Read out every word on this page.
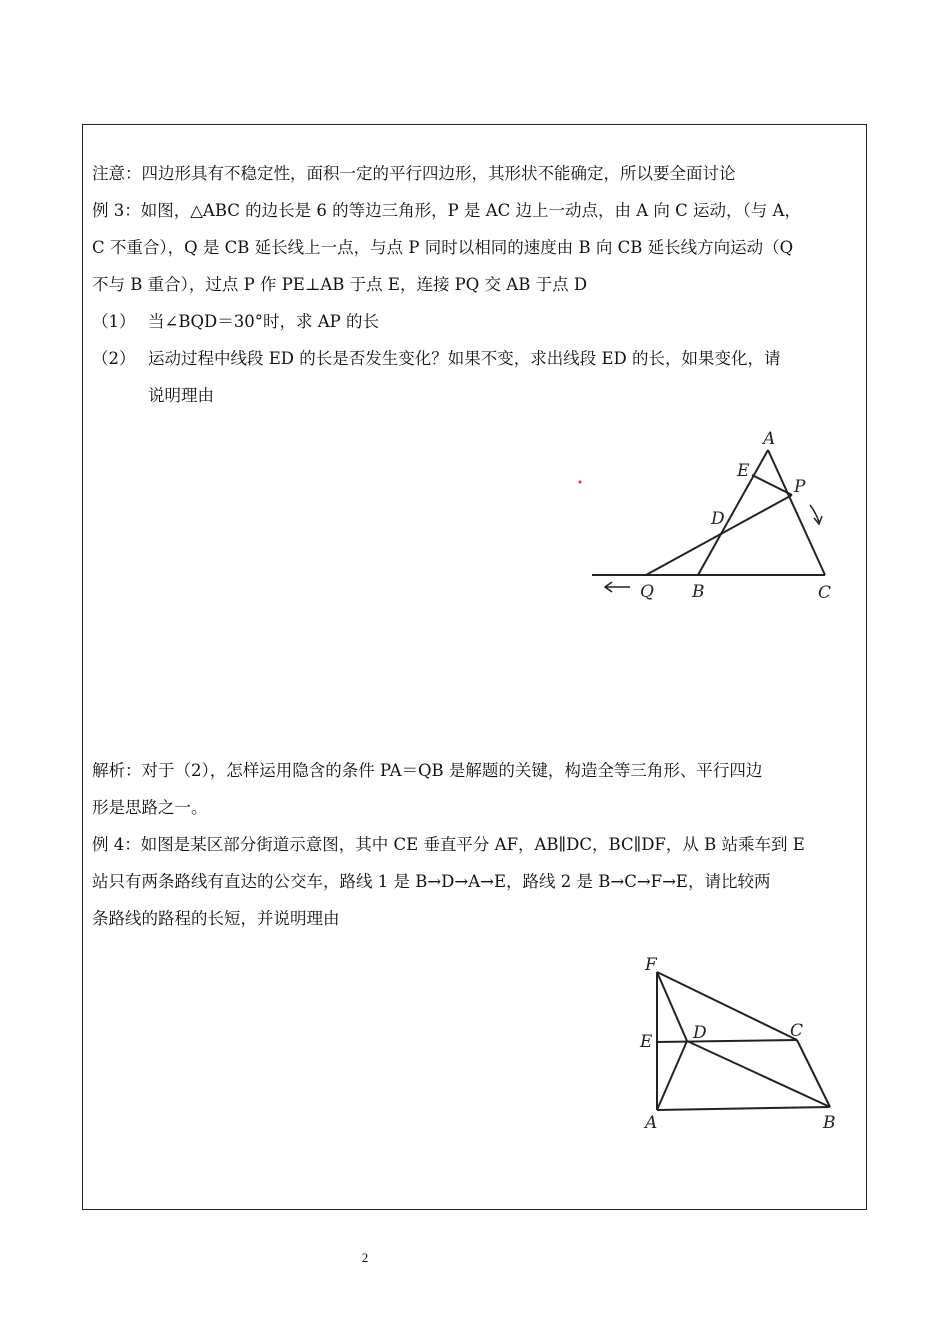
注意：四边形具有不稳定性，面积一定的平行四边形，其形状不能确定，所以要全面讨论
例 3：如图，△ABC 的边长是 6 的等边三角形，P 是 AC 边上一动点，由 A 向 C 运动，（与 A，
C 不重合），Q 是 CB 延长线上一点，与点 P 同时以相同的速度由 B 向 CB 延长线方向运动（Q
不与 B 重合），过点 P 作 PE⊥AB 于点 E，连接 PQ 交 AB 于点 D
（1） 当∠BQD＝30°时，求 AP 的长
（2） 运动过程中线段 ED 的长是否发生变化？如果不变，求出线段 ED 的长，如果变化，请
说明理由
A
E
P
D
Q B	C
解析：对于（2），怎样运用隐含的条件 PA＝QB 是解题的关键，构造全等三角形、平行四边
形是思路之一。
例 4：如图是某区部分街道示意图，其中 CE 垂直平分 AF，AB∥DC，BC∥DF，从 B 站乘车到 E
站只有两条路线有直达的公交车，路线 1 是 B→D→A→E，路线 2 是 B→C→F→E，请比较两
条路线的路程的长短，并说明理由
F
E D	C
A	B
2
